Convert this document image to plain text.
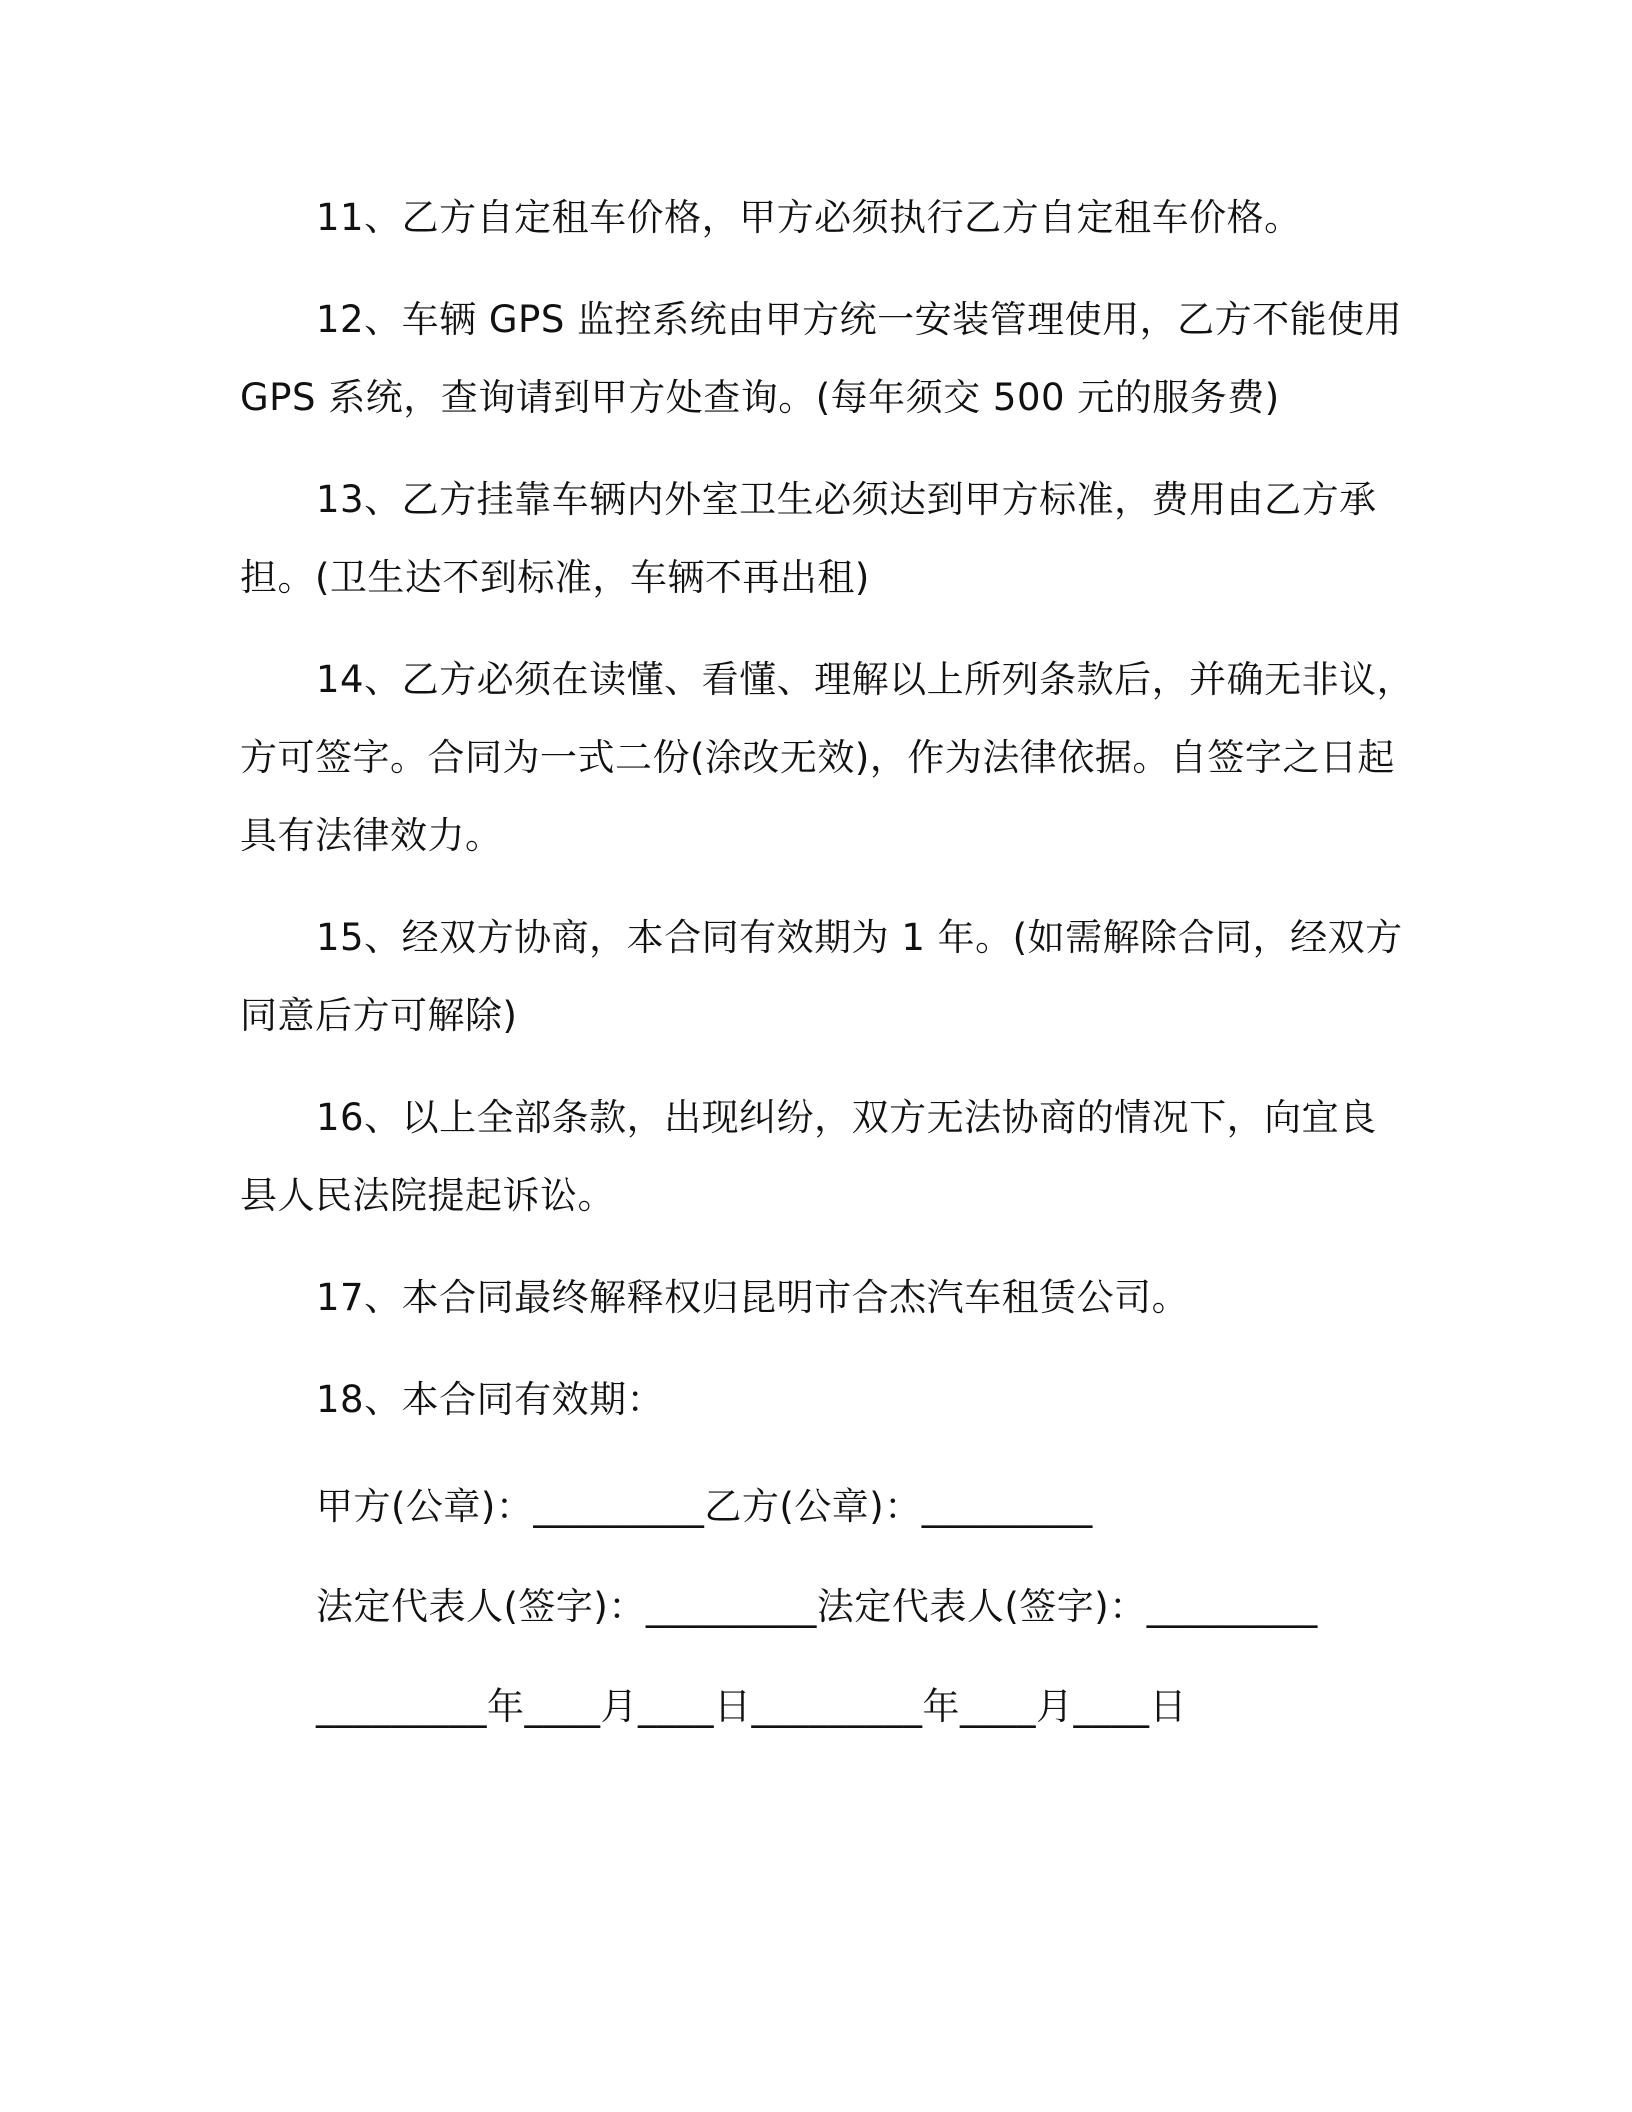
11、乙方自定租车价格，甲方必须执行乙方自定租车价格。
12、车辆 GPS 监控系统由甲方统一安装管理使用，乙方不能使用
GPS 系统，查询请到甲方处查询。(每年须交 500 元的服务费)
13、乙方挂靠车辆内外室卫生必须达到甲方标准，费用由乙方承
担。(卫生达不到标准，车辆不再出租)
14、乙方必须在读懂、看懂、理解以上所列条款后，并确无非议，
方可签字。合同为一式二份(涂改无效)，作为法律依据。自签字之日起
具有法律效力。
15、经双方协商，本合同有效期为 1 年。(如需解除合同，经双方
同意后方可解除)
16、以上全部条款，出现纠纷，双方无法协商的情况下，向宜良
县人民法院提起诉讼。
17、本合同最终解释权归昆明市合杰汽车租赁公司。
18、本合同有效期：
甲方(公章)：_________乙方(公章)：_________
法定代表人(签字)：_________法定代表人(签字)：_________
_________年____月____日_________年____月____日
